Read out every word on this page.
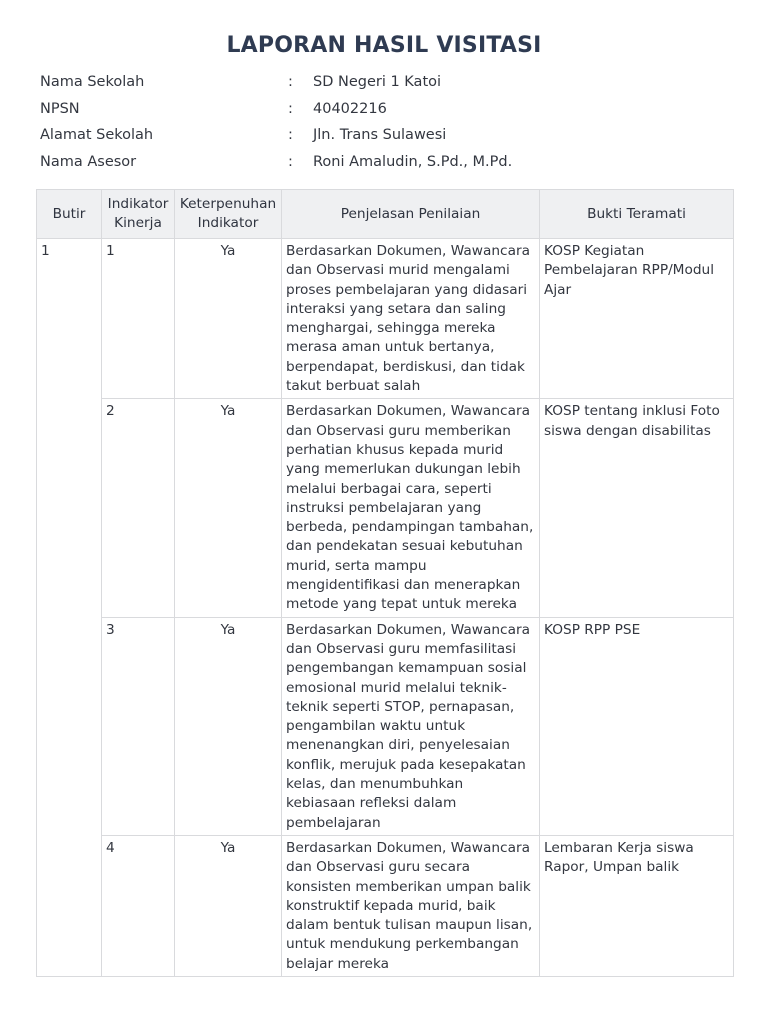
LAPORAN HASIL VISITASI
Nama Sekolah	: SD Negeri 1 Katoi
NPSN	: 40402216
Alamat Sekolah	: Jln. Trans Sulawesi
Nama Asesor	: Roni Amaludin, S.Pd., M.Pd.
Butir	Indikator Kinerja	Keterpenuhan Indikator	Penjelasan Penilaian	Bukti Teramati
1	1	Ya	Berdasarkan Dokumen, Wawancara dan Observasi murid mengalami proses pembelajaran yang didasari interaksi yang setara dan saling menghargai, sehingga mereka merasa aman untuk bertanya, berpendapat, berdiskusi, dan tidak takut berbuat salah	KOSP Kegiatan Pembelajaran RPP/Modul Ajar
	2	Ya	Berdasarkan Dokumen, Wawancara dan Observasi guru memberikan perhatian khusus kepada murid yang memerlukan dukungan lebih melalui berbagai cara, seperti instruksi pembelajaran yang berbeda, pendampingan tambahan, dan pendekatan sesuai kebutuhan murid, serta mampu mengidentifikasi dan menerapkan metode yang tepat untuk mereka	KOSP tentang inklusi Foto siswa dengan disabilitas
	3	Ya	Berdasarkan Dokumen, Wawancara dan Observasi guru memfasilitasi pengembangan kemampuan sosial emosional murid melalui teknik-teknik seperti STOP, pernapasan, pengambilan waktu untuk menenangkan diri, penyelesaian konflik, merujuk pada kesepakatan kelas, dan menumbuhkan kebiasaan refleksi dalam pembelajaran	KOSP RPP PSE
	4	Ya	Berdasarkan Dokumen, Wawancara dan Observasi guru secara konsisten memberikan umpan balik konstruktif kepada murid, baik dalam bentuk tulisan maupun lisan, untuk mendukung perkembangan belajar mereka	Lembaran Kerja siswa Rapor, Umpan balik
